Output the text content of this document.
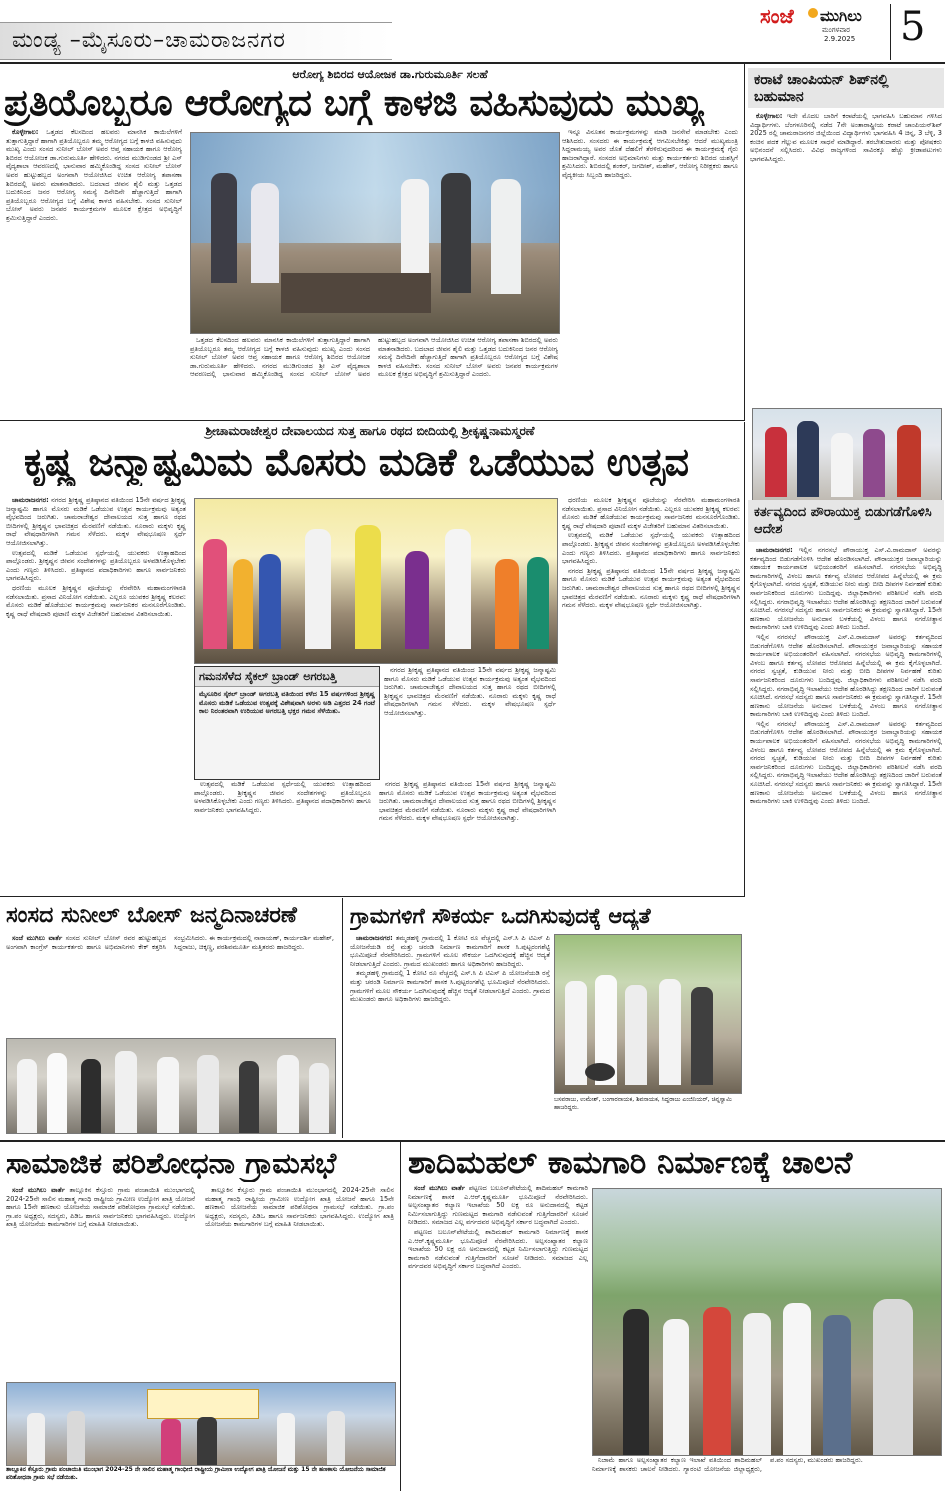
ಮಂಡ್ಯ –ಮೈಸೂರು–ಚಾಮರಾಜನಗರ
ಸಂಜೆ ಮುಗಿಲು
ಮಂಗಳವಾರ
2.9.2025 5
ಆರೋಗ್ಯ ಶಿಬಿರದ ಆಯೋಜಕ ಡಾ.ಗುರುಮೂರ್ತಿ ಸಲಹೆ
ಪ್ರತಿಯೊಬ್ಬರೂ ಆರೋಗ್ಯದ ಬಗ್ಗೆ ಕಾಳಜಿ ವಹಿಸುವುದು ಮುಖ್ಯ

ಕೊಳ್ಳೇಗಾಲ: ಒತ್ತಡದ ಕೆಲಸದಿಂದ ಹಲವರು ಮಾನಸಿಕ ಕಾಯಿಲೆಗಳಿಗೆ ತುತ್ತಾಗುತ್ತಿದ್ದಾರೆ ಹಾಗಾಗಿ ಪ್ರತಿಯೊಬ್ಬರೂ ತಮ್ಮ ಆರೋಗ್ಯದ ಬಗ್ಗೆ ಕಾಳಜಿ ವಹಿಸುವುದು ಮುಖ್ಯ ಎಂದು ಸಂಸದ ಸುನೀಲ್ ಬೋಸ್ ಅವರ ಆಪ್ತ ಸಹಾಯಕ ಹಾಗೂ ಆರೋಗ್ಯ ಶಿಬಿರದ ಆಯೋಜಕ ಡಾ.ಗುರುಮೂರ್ತಿ ಹೇಳಿದರು. ನಗರದ ಮುಡಿಗುಂಡದ ಶ್ರೀ ಎಸ್ ವೈದ್ಯಶಾಲಾ ಆವರಣದಲ್ಲಿ ಭಾನುವಾರ ಹಮ್ಮಿಕೊಂಡಿದ್ದ ಸಂಸದ ಸುನೀಲ್ ಬೋಸ್ ಅವರ ಹುಟ್ಟುಹಬ್ಬದ ಅಂಗವಾಗಿ ಆಯೋಜಿಸಿದ ಉಚಿತ ಆರೋಗ್ಯ ತಪಾಸಣಾ ಶಿಬಿರದಲ್ಲಿ ಅವರು ಮಾತನಾಡಿದರು. ಬದಲಾದ ಜೀವನ ಶೈಲಿ ಮತ್ತು ಒತ್ತಡದ ಬದುಕಿನಿಂದ ಜನರ ಆರೋಗ್ಯ ಸಮಸ್ಯೆ ದಿನೇದಿನೇ ಹೆಚ್ಚಾಗುತ್ತಿದೆ ಹಾಗಾಗಿ ಪ್ರತಿಯೊಬ್ಬರೂ ಆರೋಗ್ಯದ ಬಗ್ಗೆ ವಿಶೇಷ ಕಾಳಜಿ ವಹಿಸಬೇಕು. ಸಂಸದ ಸುನೀಲ್ ಬೋಸ್ ಅವರು ಜನಪರ ಕಾರ್ಯಕ್ರಮಗಳ ಮೂಲಕ ಕ್ಷೇತ್ರದ ಅಭಿವೃದ್ಧಿಗೆ ಶ್ರಮಿಸುತ್ತಿದ್ದಾರೆ ಎಂದರು.

ಇನ್ನೂ ವಿನೂತನ ಕಾರ್ಯಕ್ರಮಗಳನ್ನು ಮಾಡಿ ಜನಸೇವೆ ಮಾಡಬೇಕು ಎಂದು ಆಶಿಸಿದರು. ಸಂಸದರು ಈ ಕಾರ್ಯಕ್ರಮಕ್ಕೆ ಆಗಮಿಸಬೇಕಿತ್ತು ಆದರೆ ಮುಖ್ಯಮಂತ್ರಿ ಸಿದ್ದರಾಮಯ್ಯ ಅವರ ಜೊತೆ ದೆಹಲಿಗೆ ತೆರಳಿರುವುದರಿಂದ ಈ ಕಾರ್ಯಕ್ರಮಕ್ಕೆ ಗೈರು ಹಾಜರಾಗಿದ್ದಾರೆ. ಸಂಸದರ ಅಭಿಮಾನಿಗಳು ಮತ್ತು ಕಾರ್ಯಕರ್ತರು ಶಿಬಿರದ ಯಶಸ್ಸಿಗೆ ಶ್ರಮಿಸಿದರು. ಶಿಬಿರದಲ್ಲಿ ಶಂಕರ್, ಜಗದೀಶ್, ಮಹೇಶ್, ಆರೋಗ್ಯ ನಿರೀಕ್ಷಕರು ಹಾಗೂ ವೈದ್ಯಕೀಯ ಸಿಬ್ಬಂದಿ ಹಾಜರಿದ್ದರು.

ಒತ್ತಡದ ಕೆಲಸದಿಂದ ಹಲವರು ಮಾನಸಿಕ ಕಾಯಿಲೆಗಳಿಗೆ ತುತ್ತಾಗುತ್ತಿದ್ದಾರೆ ಹಾಗಾಗಿ ಪ್ರತಿಯೊಬ್ಬರೂ ತಮ್ಮ ಆರೋಗ್ಯದ ಬಗ್ಗೆ ಕಾಳಜಿ ವಹಿಸುವುದು ಮುಖ್ಯ ಎಂದು ಸಂಸದ ಸುನೀಲ್ ಬೋಸ್ ಅವರ ಆಪ್ತ ಸಹಾಯಕ ಹಾಗೂ ಆರೋಗ್ಯ ಶಿಬಿರದ ಆಯೋಜಕ ಡಾ.ಗುರುಮೂರ್ತಿ ಹೇಳಿದರು. ನಗರದ ಮುಡಿಗುಂಡದ ಶ್ರೀ ಎಸ್ ವೈದ್ಯಶಾಲಾ ಆವರಣದಲ್ಲಿ ಭಾನುವಾರ ಹಮ್ಮಿಕೊಂಡಿದ್ದ ಸಂಸದ ಸುನೀಲ್ ಬೋಸ್ ಅವರ ಹುಟ್ಟುಹಬ್ಬದ ಅಂಗವಾಗಿ ಆಯೋಜಿಸಿದ ಉಚಿತ ಆರೋಗ್ಯ ತಪಾಸಣಾ ಶಿಬಿರದಲ್ಲಿ ಅವರು ಮಾತನಾಡಿದರು. ಬದಲಾದ ಜೀವನ ಶೈಲಿ ಮತ್ತು ಒತ್ತಡದ ಬದುಕಿನಿಂದ ಜನರ ಆರೋಗ್ಯ ಸಮಸ್ಯೆ ದಿನೇದಿನೇ ಹೆಚ್ಚಾಗುತ್ತಿದೆ ಹಾಗಾಗಿ ಪ್ರತಿಯೊಬ್ಬರೂ ಆರೋಗ್ಯದ ಬಗ್ಗೆ ವಿಶೇಷ ಕಾಳಜಿ ವಹಿಸಬೇಕು. ಸಂಸದ ಸುನೀಲ್ ಬೋಸ್ ಅವರು ಜನಪರ ಕಾರ್ಯಕ್ರಮಗಳ ಮೂಲಕ ಕ್ಷೇತ್ರದ ಅಭಿವೃದ್ಧಿಗೆ ಶ್ರಮಿಸುತ್ತಿದ್ದಾರೆ ಎಂದರು.

ಕರಾಟೆ ಚಾಂಪಿಯನ್ ಶಿಪ್‌ನಲ್ಲಿ ಬಹುಮಾನ

ಕೊಳ್ಳೇಗಾಲ: ಇದೇ ಮೊದಲ ಬಾರಿಗೆ ಕರಾಟೆಯಲ್ಲಿ ಭಾಗವಹಿಸಿ ಬಹುಮಾನ ಗಳಿಸಿದ ವಿದ್ಯಾರ್ಥಿಗಳು. ಬೆಂಗಳೂರಿನಲ್ಲಿ ನಡೆದ 7ನೇ ಅಂತಾರಾಷ್ಟ್ರೀಯ ಕರಾಟೆ ಚಾಂಪಿಯನ್‌ಶಿಪ್ 2025 ರಲ್ಲಿ ಚಾಮರಾಜನಗರ ಜಿಲ್ಲೆಯಿಂದ ವಿದ್ಯಾರ್ಥಿಗಳು ಭಾಗವಹಿಸಿ 4 ಚಿನ್ನ, 3 ಬೆಳ್ಳಿ, 3 ಕಂಚಿನ ಪದಕ ಗೆಲ್ಲುವ ಮೂಲಕ ಸಾಧನೆ ಮಾಡಿದ್ದಾರೆ. ತರಬೇತುದಾರರು ಮತ್ತು ಪೋಷಕರು ಅಭಿನಂದನೆ ಸಲ್ಲಿಸಿದರು. ವಿವಿಧ ರಾಜ್ಯಗಳಿಂದ ಸಾವಿರಕ್ಕೂ ಹೆಚ್ಚು ಕ್ರೀಡಾಪಟುಗಳು ಭಾಗವಹಿಸಿದ್ದರು.

ಶ್ರೀಚಾಮರಾಜೇಶ್ವರ ದೇವಾಲಯದ ಸುತ್ತ ಹಾಗೂ ರಥದ ಬೀದಿಯಲ್ಲಿ ಶ್ರೀಕೃಷ್ಣನಾಮಸ್ಮರಣೆ
ಕೃಷ್ಣ ಜನ್ಮಾಷ್ಟಮಿಮ ಮೊಸರು ಮಡಿಕೆ ಒಡೆಯುವ ಉತ್ಸವ

ಚಾಮರಾಜನಗರ: ನಗರದ ಶ್ರೀಕೃಷ್ಣ ಪ್ರತಿಷ್ಠಾನದ ವತಿಯಿಂದ 15ನೇ ವರ್ಷದ ಶ್ರೀಕೃಷ್ಣ ಜನ್ಮಾಷ್ಟಮಿ ಹಾಗೂ ಮೊಸರು ಮಡಿಕೆ ಒಡೆಯುವ ಉತ್ಸವ ಕಾರ್ಯಕ್ರಮವು ಅತ್ಯಂತ ವೈಭವದಿಂದ ಜರುಗಿತು. ಚಾಮರಾಜೇಶ್ವರ ದೇವಾಲಯದ ಸುತ್ತ ಹಾಗೂ ರಥದ ಬೀದಿಗಳಲ್ಲಿ ಶ್ರೀಕೃಷ್ಣನ ಭಾವಚಿತ್ರದ ಮೆರವಣಿಗೆ ನಡೆಯಿತು. ನೂರಾರು ಮಕ್ಕಳು ಕೃಷ್ಣ ರಾಧೆ ವೇಷಧಾರಿಗಳಾಗಿ ಗಮನ ಸೆಳೆದರು. ಮಕ್ಕಳ ವೇಷಭೂಷಣ ಸ್ಪರ್ಧೆ ಆಯೋಜಿಸಲಾಗಿತ್ತು.

ಉತ್ಸವದಲ್ಲಿ ಮಡಿಕೆ ಒಡೆಯುವ ಸ್ಪರ್ಧೆಯಲ್ಲಿ ಯುವಕರು ಉತ್ಸಾಹದಿಂದ ಪಾಲ್ಗೊಂಡರು. ಶ್ರೀಕೃಷ್ಣನ ಜೀವನ ಸಂದೇಶಗಳನ್ನು ಪ್ರತಿಯೊಬ್ಬರೂ ಅಳವಡಿಸಿಕೊಳ್ಳಬೇಕು ಎಂದು ಗಣ್ಯರು ತಿಳಿಸಿದರು. ಪ್ರತಿಷ್ಠಾನದ ಪದಾಧಿಕಾರಿಗಳು ಹಾಗೂ ಸಾರ್ವಜನಿಕರು ಭಾಗವಹಿಸಿದ್ದರು.

ಧರಣಿಯ ಮೂಲಕ ಶ್ರೀಕೃಷ್ಣನ ಪೂಜೆಯನ್ನು ನೆರವೇರಿಸಿ ಮಹಾಮಂಗಳಾರತಿ ನಡೆಸಲಾಯಿತು. ಪ್ರಸಾದ ವಿನಿಯೋಗ ನಡೆಯಿತು. ಎಲ್ಲರೂ ಯುವಕರ ಶ್ರೀಕೃಷ್ಣ ಕಲರವ: ಮೊಸರು ಮಡಿಕೆ ಹೊಡೆಯುವ ಕಾರ್ಯಕ್ರಮವು ಸಾರ್ವಜನಿಕರ ಮನಸೂರೆಗೊಂಡಿತು. ಕೃಷ್ಣ ರಾಧೆ ವೇಷದಾರಿ ಪುಟಾಣಿ ಮಕ್ಕಳ ವಿಜೇತರಿಗೆ ಬಹುಮಾನ ವಿತರಿಸಲಾಯಿತು.

ಧರಣಿಯ ಮೂಲಕ ಶ್ರೀಕೃಷ್ಣನ ಪೂಜೆಯನ್ನು ನೆರವೇರಿಸಿ ಮಹಾಮಂಗಳಾರತಿ ನಡೆಸಲಾಯಿತು. ಪ್ರಸಾದ ವಿನಿಯೋಗ ನಡೆಯಿತು. ಎಲ್ಲರೂ ಯುವಕರ ಶ್ರೀಕೃಷ್ಣ ಕಲರವ: ಮೊಸರು ಮಡಿಕೆ ಹೊಡೆಯುವ ಕಾರ್ಯಕ್ರಮವು ಸಾರ್ವಜನಿಕರ ಮನಸೂರೆಗೊಂಡಿತು. ಕೃಷ್ಣ ರಾಧೆ ವೇಷದಾರಿ ಪುಟಾಣಿ ಮಕ್ಕಳ ವಿಜೇತರಿಗೆ ಬಹುಮಾನ ವಿತರಿಸಲಾಯಿತು.

ಉತ್ಸವದಲ್ಲಿ ಮಡಿಕೆ ಒಡೆಯುವ ಸ್ಪರ್ಧೆಯಲ್ಲಿ ಯುವಕರು ಉತ್ಸಾಹದಿಂದ ಪಾಲ್ಗೊಂಡರು. ಶ್ರೀಕೃಷ್ಣನ ಜೀವನ ಸಂದೇಶಗಳನ್ನು ಪ್ರತಿಯೊಬ್ಬರೂ ಅಳವಡಿಸಿಕೊಳ್ಳಬೇಕು ಎಂದು ಗಣ್ಯರು ತಿಳಿಸಿದರು. ಪ್ರತಿಷ್ಠಾನದ ಪದಾಧಿಕಾರಿಗಳು ಹಾಗೂ ಸಾರ್ವಜನಿಕರು ಭಾಗವಹಿಸಿದ್ದರು.

ನಗರದ ಶ್ರೀಕೃಷ್ಣ ಪ್ರತಿಷ್ಠಾನದ ವತಿಯಿಂದ 15ನೇ ವರ್ಷದ ಶ್ರೀಕೃಷ್ಣ ಜನ್ಮಾಷ್ಟಮಿ ಹಾಗೂ ಮೊಸರು ಮಡಿಕೆ ಒಡೆಯುವ ಉತ್ಸವ ಕಾರ್ಯಕ್ರಮವು ಅತ್ಯಂತ ವೈಭವದಿಂದ ಜರುಗಿತು. ಚಾಮರಾಜೇಶ್ವರ ದೇವಾಲಯದ ಸುತ್ತ ಹಾಗೂ ರಥದ ಬೀದಿಗಳಲ್ಲಿ ಶ್ರೀಕೃಷ್ಣನ ಭಾವಚಿತ್ರದ ಮೆರವಣಿಗೆ ನಡೆಯಿತು. ನೂರಾರು ಮಕ್ಕಳು ಕೃಷ್ಣ ರಾಧೆ ವೇಷಧಾರಿಗಳಾಗಿ ಗಮನ ಸೆಳೆದರು. ಮಕ್ಕಳ ವೇಷಭೂಷಣ ಸ್ಪರ್ಧೆ ಆಯೋಜಿಸಲಾಗಿತ್ತು.

ಗಮನಸೆಳೆದ ಸೈಕಲ್ ಬ್ರಾಂಡ್ ಅಗರಬತ್ತಿ
ಮೈಸೂರಿನ ಸೈಕಲ್ ಬ್ರಾಂಡ್ ಅಗರಬತ್ತಿ ವತಿಯಿಂದ ಕಳೆದ 15 ವರ್ಷಗಳಿಂದ ಶ್ರೀಕೃಷ್ಣ ಮೊಸರು ಮಡಿಕೆ ಒಡೆಯುವ ಉತ್ಸವಕ್ಕೆ ವಿಶೇಷವಾಗಿ ಅರಳು ಅಡಿ ಎತ್ತರದ 24 ಗಂಟೆ ಕಾಲ ನಿರಂತರವಾಗಿ ಉರಿಯುವ ಅಗರಬತ್ತಿ ಭಕ್ತರ ಗಮನ ಸೆಳೆಯಿತು.

ಉತ್ಸವದಲ್ಲಿ ಮಡಿಕೆ ಒಡೆಯುವ ಸ್ಪರ್ಧೆಯಲ್ಲಿ ಯುವಕರು ಉತ್ಸಾಹದಿಂದ ಪಾಲ್ಗೊಂಡರು. ಶ್ರೀಕೃಷ್ಣನ ಜೀವನ ಸಂದೇಶಗಳನ್ನು ಪ್ರತಿಯೊಬ್ಬರೂ ಅಳವಡಿಸಿಕೊಳ್ಳಬೇಕು ಎಂದು ಗಣ್ಯರು ತಿಳಿಸಿದರು. ಪ್ರತಿಷ್ಠಾನದ ಪದಾಧಿಕಾರಿಗಳು ಹಾಗೂ ಸಾರ್ವಜನಿಕರು ಭಾಗವಹಿಸಿದ್ದರು.

ನಗರದ ಶ್ರೀಕೃಷ್ಣ ಪ್ರತಿಷ್ಠಾನದ ವತಿಯಿಂದ 15ನೇ ವರ್ಷದ ಶ್ರೀಕೃಷ್ಣ ಜನ್ಮಾಷ್ಟಮಿ ಹಾಗೂ ಮೊಸರು ಮಡಿಕೆ ಒಡೆಯುವ ಉತ್ಸವ ಕಾರ್ಯಕ್ರಮವು ಅತ್ಯಂತ ವೈಭವದಿಂದ ಜರುಗಿತು. ಚಾಮರಾಜೇಶ್ವರ ದೇವಾಲಯದ ಸುತ್ತ ಹಾಗೂ ರಥದ ಬೀದಿಗಳಲ್ಲಿ ಶ್ರೀಕೃಷ್ಣನ ಭಾವಚಿತ್ರದ ಮೆರವಣಿಗೆ ನಡೆಯಿತು. ನೂರಾರು ಮಕ್ಕಳು ಕೃಷ್ಣ ರಾಧೆ ವೇಷಧಾರಿಗಳಾಗಿ ಗಮನ ಸೆಳೆದರು. ಮಕ್ಕಳ ವೇಷಭೂಷಣ ಸ್ಪರ್ಧೆ ಆಯೋಜಿಸಲಾಗಿತ್ತು.

ನಗರದ ಶ್ರೀಕೃಷ್ಣ ಪ್ರತಿಷ್ಠಾನದ ವತಿಯಿಂದ 15ನೇ ವರ್ಷದ ಶ್ರೀಕೃಷ್ಣ ಜನ್ಮಾಷ್ಟಮಿ ಹಾಗೂ ಮೊಸರು ಮಡಿಕೆ ಒಡೆಯುವ ಉತ್ಸವ ಕಾರ್ಯಕ್ರಮವು ಅತ್ಯಂತ ವೈಭವದಿಂದ ಜರುಗಿತು. ಚಾಮರಾಜೇಶ್ವರ ದೇವಾಲಯದ ಸುತ್ತ ಹಾಗೂ ರಥದ ಬೀದಿಗಳಲ್ಲಿ ಶ್ರೀಕೃಷ್ಣನ ಭಾವಚಿತ್ರದ ಮೆರವಣಿಗೆ ನಡೆಯಿತು. ನೂರಾರು ಮಕ್ಕಳು ಕೃಷ್ಣ ರಾಧೆ ವೇಷಧಾರಿಗಳಾಗಿ ಗಮನ ಸೆಳೆದರು. ಮಕ್ಕಳ ವೇಷಭೂಷಣ ಸ್ಪರ್ಧೆ ಆಯೋಜಿಸಲಾಗಿತ್ತು.

ಕರ್ತವ್ಯದಿಂದ ಪೌರಾಯುಕ್ತ ಬಿಡುಗಡೆಗೊಳಿಸಿ ಆದೇಶ

ಚಾಮರಾಜನಗರ: ಇಲ್ಲಿನ ನಗರಸಭೆ ಪೌರಾಯುಕ್ತ ಎಸ್.ವಿ.ರಾಮದಾಸ್ ಅವರನ್ನು ಕರ್ತವ್ಯದಿಂದ ಬಿಡುಗಡೆಗೊಳಿಸಿ ಆದೇಶ ಹೊರಡಿಸಲಾಗಿದೆ. ಪೌರಾಯುಕ್ತರ ಜವಾಬ್ದಾರಿಯನ್ನು ಸಹಾಯಕ ಕಾರ್ಯಪಾಲಕ ಅಭಿಯಂತರರಿಗೆ ವಹಿಸಲಾಗಿದೆ. ನಗರಸಭೆಯ ಅಭಿವೃದ್ಧಿ ಕಾಮಗಾರಿಗಳಲ್ಲಿ ವಿಳಂಬ ಹಾಗೂ ಕರ್ತವ್ಯ ಲೋಪದ ಆರೋಪದ ಹಿನ್ನೆಲೆಯಲ್ಲಿ ಈ ಕ್ರಮ ಕೈಗೊಳ್ಳಲಾಗಿದೆ. ನಗರದ ಸ್ವಚ್ಛತೆ, ಕುಡಿಯುವ ನೀರು ಮತ್ತು ಬೀದಿ ದೀಪಗಳ ನಿರ್ವಹಣೆ ಕುರಿತು ಸಾರ್ವಜನಿಕರಿಂದ ದೂರುಗಳು ಬಂದಿದ್ದವು. ಜಿಲ್ಲಾಧಿಕಾರಿಗಳು ಪರಿಶೀಲನೆ ನಡೆಸಿ ವರದಿ ಸಲ್ಲಿಸಿದ್ದರು. ನಗರಾಭಿವೃದ್ಧಿ ಇಲಾಖೆಯು ಆದೇಶ ಹೊರಡಿಸಿದ್ದು ತಕ್ಷಣದಿಂದ ಜಾರಿಗೆ ಬರುವಂತೆ ಸೂಚಿಸಿದೆ. ನಗರಸಭೆ ಸದಸ್ಯರು ಹಾಗೂ ಸಾರ್ವಜನಿಕರು ಈ ಕ್ರಮವನ್ನು ಸ್ವಾಗತಿಸಿದ್ದಾರೆ. 15ನೇ ಹಣಕಾಸು ಯೋಜನೆಯ ಅನುದಾನ ಬಳಕೆಯಲ್ಲಿ ವಿಳಂಬ ಹಾಗೂ ನಗರೋತ್ಥಾನ ಕಾಮಗಾರಿಗಳು ಬಾಕಿ ಉಳಿದಿದ್ದವು ಎಂದು ತಿಳಿದು ಬಂದಿದೆ.

ಇಲ್ಲಿನ ನಗರಸಭೆ ಪೌರಾಯುಕ್ತ ಎಸ್.ವಿ.ರಾಮದಾಸ್ ಅವರನ್ನು ಕರ್ತವ್ಯದಿಂದ ಬಿಡುಗಡೆಗೊಳಿಸಿ ಆದೇಶ ಹೊರಡಿಸಲಾಗಿದೆ. ಪೌರಾಯುಕ್ತರ ಜವಾಬ್ದಾರಿಯನ್ನು ಸಹಾಯಕ ಕಾರ್ಯಪಾಲಕ ಅಭಿಯಂತರರಿಗೆ ವಹಿಸಲಾಗಿದೆ. ನಗರಸಭೆಯ ಅಭಿವೃದ್ಧಿ ಕಾಮಗಾರಿಗಳಲ್ಲಿ ವಿಳಂಬ ಹಾಗೂ ಕರ್ತವ್ಯ ಲೋಪದ ಆರೋಪದ ಹಿನ್ನೆಲೆಯಲ್ಲಿ ಈ ಕ್ರಮ ಕೈಗೊಳ್ಳಲಾಗಿದೆ. ನಗರದ ಸ್ವಚ್ಛತೆ, ಕುಡಿಯುವ ನೀರು ಮತ್ತು ಬೀದಿ ದೀಪಗಳ ನಿರ್ವಹಣೆ ಕುರಿತು ಸಾರ್ವಜನಿಕರಿಂದ ದೂರುಗಳು ಬಂದಿದ್ದವು. ಜಿಲ್ಲಾಧಿಕಾರಿಗಳು ಪರಿಶೀಲನೆ ನಡೆಸಿ ವರದಿ ಸಲ್ಲಿಸಿದ್ದರು. ನಗರಾಭಿವೃದ್ಧಿ ಇಲಾಖೆಯು ಆದೇಶ ಹೊರಡಿಸಿದ್ದು ತಕ್ಷಣದಿಂದ ಜಾರಿಗೆ ಬರುವಂತೆ ಸೂಚಿಸಿದೆ. ನಗರಸಭೆ ಸದಸ್ಯರು ಹಾಗೂ ಸಾರ್ವಜನಿಕರು ಈ ಕ್ರಮವನ್ನು ಸ್ವಾಗತಿಸಿದ್ದಾರೆ. 15ನೇ ಹಣಕಾಸು ಯೋಜನೆಯ ಅನುದಾನ ಬಳಕೆಯಲ್ಲಿ ವಿಳಂಬ ಹಾಗೂ ನಗರೋತ್ಥಾನ ಕಾಮಗಾರಿಗಳು ಬಾಕಿ ಉಳಿದಿದ್ದವು ಎಂದು ತಿಳಿದು ಬಂದಿದೆ.

ಇಲ್ಲಿನ ನಗರಸಭೆ ಪೌರಾಯುಕ್ತ ಎಸ್.ವಿ.ರಾಮದಾಸ್ ಅವರನ್ನು ಕರ್ತವ್ಯದಿಂದ ಬಿಡುಗಡೆಗೊಳಿಸಿ ಆದೇಶ ಹೊರಡಿಸಲಾಗಿದೆ. ಪೌರಾಯುಕ್ತರ ಜವಾಬ್ದಾರಿಯನ್ನು ಸಹಾಯಕ ಕಾರ್ಯಪಾಲಕ ಅಭಿಯಂತರರಿಗೆ ವಹಿಸಲಾಗಿದೆ. ನಗರಸಭೆಯ ಅಭಿವೃದ್ಧಿ ಕಾಮಗಾರಿಗಳಲ್ಲಿ ವಿಳಂಬ ಹಾಗೂ ಕರ್ತವ್ಯ ಲೋಪದ ಆರೋಪದ ಹಿನ್ನೆಲೆಯಲ್ಲಿ ಈ ಕ್ರಮ ಕೈಗೊಳ್ಳಲಾಗಿದೆ. ನಗರದ ಸ್ವಚ್ಛತೆ, ಕುಡಿಯುವ ನೀರು ಮತ್ತು ಬೀದಿ ದೀಪಗಳ ನಿರ್ವಹಣೆ ಕುರಿತು ಸಾರ್ವಜನಿಕರಿಂದ ದೂರುಗಳು ಬಂದಿದ್ದವು. ಜಿಲ್ಲಾಧಿಕಾರಿಗಳು ಪರಿಶೀಲನೆ ನಡೆಸಿ ವರದಿ ಸಲ್ಲಿಸಿದ್ದರು. ನಗರಾಭಿವೃದ್ಧಿ ಇಲಾಖೆಯು ಆದೇಶ ಹೊರಡಿಸಿದ್ದು ತಕ್ಷಣದಿಂದ ಜಾರಿಗೆ ಬರುವಂತೆ ಸೂಚಿಸಿದೆ. ನಗರಸಭೆ ಸದಸ್ಯರು ಹಾಗೂ ಸಾರ್ವಜನಿಕರು ಈ ಕ್ರಮವನ್ನು ಸ್ವಾಗತಿಸಿದ್ದಾರೆ. 15ನೇ ಹಣಕಾಸು ಯೋಜನೆಯ ಅನುದಾನ ಬಳಕೆಯಲ್ಲಿ ವಿಳಂಬ ಹಾಗೂ ನಗರೋತ್ಥಾನ ಕಾಮಗಾರಿಗಳು ಬಾಕಿ ಉಳಿದಿದ್ದವು ಎಂದು ತಿಳಿದು ಬಂದಿದೆ.

ಸಂಸದ ಸುನೀಲ್ ಬೋಸ್ ಜನ್ಮದಿನಾಚರಣೆ

ಸಂಜೆ ಮುಗಿಲು ವಾರ್ತೆ ಸಂಸದ ಸುನೀಲ್ ಬೋಸ್ ರವರ ಹುಟ್ಟುಹಬ್ಬದ ಅಂಗವಾಗಿ ಕಾಂಗ್ರೆಸ್ ಕಾರ್ಯಕರ್ತರು ಹಾಗೂ ಅಭಿಮಾನಿಗಳು ಕೇಕ್ ಕತ್ತರಿಸಿ ಸಂಭ್ರಮಿಸಿದರು. ಈ ಕಾರ್ಯಕ್ರಮದಲ್ಲಿ ನಾರಾಯಣ್, ಕಾರ್ಯದರ್ಶಿ ಮಹೇಶ್, ಸಿದ್ದರಾಜು, ಚಿಕ್ಕಣ್ಣ, ಪರಶಿವಮೂರ್ತಿ ಮತ್ತಿತರರು ಹಾಜರಿದ್ದರು.

ಗ್ರಾಮಗಳಿಗೆ ಸೌಕರ್ಯ ಒದಗಿಸುವುದಕ್ಕೆ ಆದ್ಯತೆ

ಚಾಮರಾಜನಗರ: ತಮ್ಮಡಹಳ್ಳಿ ಗ್ರಾಮದಲ್ಲಿ 1 ಕೋಟಿ ರೂ ವೆಚ್ಚದಲ್ಲಿ ಎಸ್.ಸಿ ಪಿ ಟಿಎಸ್ ಪಿ ಯೋಜನೆಯಡಿ ರಸ್ತೆ ಮತ್ತು ಚರಂಡಿ ನಿರ್ಮಾಣ ಕಾಮಗಾರಿಗೆ ಶಾಸಕ ಸಿ.ಪುಟ್ಟರಂಗಶೆಟ್ಟಿ ಭೂಮಿಪೂಜೆ ನೆರವೇರಿಸಿದರು. ಗ್ರಾಮಗಳಿಗೆ ಮೂಲ ಸೌಕರ್ಯ ಒದಗಿಸುವುದಕ್ಕೆ ಹೆಚ್ಚಿನ ಆದ್ಯತೆ ನೀಡಲಾಗುತ್ತಿದೆ ಎಂದರು. ಗ್ರಾಮದ ಮುಖಂಡರು ಹಾಗೂ ಅಧಿಕಾರಿಗಳು ಹಾಜರಿದ್ದರು.

ತಮ್ಮಡಹಳ್ಳಿ ಗ್ರಾಮದಲ್ಲಿ 1 ಕೋಟಿ ರೂ ವೆಚ್ಚದಲ್ಲಿ ಎಸ್.ಸಿ ಪಿ ಟಿಎಸ್ ಪಿ ಯೋಜನೆಯಡಿ ರಸ್ತೆ ಮತ್ತು ಚರಂಡಿ ನಿರ್ಮಾಣ ಕಾಮಗಾರಿಗೆ ಶಾಸಕ ಸಿ.ಪುಟ್ಟರಂಗಶೆಟ್ಟಿ ಭೂಮಿಪೂಜೆ ನೆರವೇರಿಸಿದರು. ಗ್ರಾಮಗಳಿಗೆ ಮೂಲ ಸೌಕರ್ಯ ಒದಗಿಸುವುದಕ್ಕೆ ಹೆಚ್ಚಿನ ಆದ್ಯತೆ ನೀಡಲಾಗುತ್ತಿದೆ ಎಂದರು. ಗ್ರಾಮದ ಮುಖಂಡರು ಹಾಗೂ ಅಧಿಕಾರಿಗಳು ಹಾಜರಿದ್ದರು.

ಬಸವರಾಜು, ಉಮೇಶ್, ಬಂಗಾರನಾಯಕ, ಶಿವನಾಯಕ, ಸಿದ್ದರಾಜು ಎಂಜಿನಿಯರ್, ಚಿನ್ನಸ್ವಾಮಿ ಹಾಜರಿದ್ದರು.
ಸಾಮಾಜಿಕ ಪರಿಶೋಧನಾ ಗ್ರಾಮಸಭೆ

ಸಂಜೆ ಮುಗಿಲು ವಾರ್ತೆ ತಾಲ್ಲೂಕಿನ ಕೆಸ್ತೂರು ಗ್ರಾಮ ಪಂಚಾಯಿತಿ ಮುಂಭಾಗದಲ್ಲಿ 2024-25ನೇ ಸಾಲಿನ ಮಹಾತ್ಮ ಗಾಂಧಿ ರಾಷ್ಟ್ರೀಯ ಗ್ರಾಮೀಣ ಉದ್ಯೋಗ ಖಾತ್ರಿ ಯೋಜನೆ ಹಾಗೂ 15ನೇ ಹಣಕಾಸು ಯೋಜನೆಯ ಸಾಮಾಜಿಕ ಪರಿಶೋಧನಾ ಗ್ರಾಮಸಭೆ ನಡೆಯಿತು. ಗ್ರಾ.ಪಂ ಅಧ್ಯಕ್ಷರು, ಸದಸ್ಯರು, ಪಿಡಿಒ ಹಾಗೂ ಸಾರ್ವಜನಿಕರು ಭಾಗವಹಿಸಿದ್ದರು. ಉದ್ಯೋಗ ಖಾತ್ರಿ ಯೋಜನೆಯ ಕಾಮಗಾರಿಗಳ ಬಗ್ಗೆ ಮಾಹಿತಿ ನೀಡಲಾಯಿತು.

ತಾಲ್ಲೂಕಿನ ಕೆಸ್ತೂರು ಗ್ರಾಮ ಪಂಚಾಯಿತಿ ಮುಂಭಾಗದಲ್ಲಿ 2024-25ನೇ ಸಾಲಿನ ಮಹಾತ್ಮ ಗಾಂಧಿ ರಾಷ್ಟ್ರೀಯ ಗ್ರಾಮೀಣ ಉದ್ಯೋಗ ಖಾತ್ರಿ ಯೋಜನೆ ಹಾಗೂ 15ನೇ ಹಣಕಾಸು ಯೋಜನೆಯ ಸಾಮಾಜಿಕ ಪರಿಶೋಧನಾ ಗ್ರಾಮಸಭೆ ನಡೆಯಿತು. ಗ್ರಾ.ಪಂ ಅಧ್ಯಕ್ಷರು, ಸದಸ್ಯರು, ಪಿಡಿಒ ಹಾಗೂ ಸಾರ್ವಜನಿಕರು ಭಾಗವಹಿಸಿದ್ದರು. ಉದ್ಯೋಗ ಖಾತ್ರಿ ಯೋಜನೆಯ ಕಾಮಗಾರಿಗಳ ಬಗ್ಗೆ ಮಾಹಿತಿ ನೀಡಲಾಯಿತು.

ತಾಲ್ಲೂಕಿನ ಕೆಸ್ತೂರು ಗ್ರಾಮ ಪಂಚಾಯಿತಿ ಮುಂಭಾಗ 2024-25 ನೇ ಸಾಲಿನ ಮಹಾತ್ಮ ಗಾಂಧೀಜಿ ರಾಷ್ಟ್ರೀಯ ಗ್ರಾಮೀಣ ಉದ್ಯೋಗ ಖಾತ್ರಿ ಯೋಜನೆ ಮತ್ತು 15 ನೇ ಹಣಕಾಸು ಯೋಜನೆಯ ಸಾಮಾಜಿಕ ಪರಿಶೋಧನಾ ಗ್ರಾಮ ಸಭೆ ನಡೆಯಿತು.
ಶಾದಿಮಹಲ್ ಕಾಮಗಾರಿ ನಿರ್ಮಾಣಕ್ಕೆ ಚಾಲನೆ

ಸಂಜೆ ಮುಗಿಲು ವಾರ್ತೆ ಪಟ್ಟಣದ ಬಲೂನ್‌ಪೇಟೆಯಲ್ಲಿ ಶಾದಿಮಹಲ್ ಕಾಮಗಾರಿ ನಿರ್ಮಾಣಕ್ಕೆ ಶಾಸಕ ಎ.ಆರ್.ಕೃಷ್ಣಮೂರ್ತಿ ಭೂಮಿಪೂಜೆ ನೆರವೇರಿಸಿದರು. ಅಲ್ಪಸಂಖ್ಯಾತರ ಕಲ್ಯಾಣ ಇಲಾಖೆಯ 50 ಲಕ್ಷ ರೂ ಅನುದಾನದಲ್ಲಿ ಕಟ್ಟಡ ನಿರ್ಮಿಸಲಾಗುತ್ತಿದ್ದು ಗುಣಮಟ್ಟದ ಕಾಮಗಾರಿ ನಡೆಸುವಂತೆ ಗುತ್ತಿಗೆದಾರರಿಗೆ ಸೂಚನೆ ನೀಡಿದರು. ಸಮಾಜದ ಎಲ್ಲ ವರ್ಗದವರ ಅಭಿವೃದ್ಧಿಗೆ ಸರ್ಕಾರ ಬದ್ಧವಾಗಿದೆ ಎಂದರು.

ಪಟ್ಟಣದ ಬಲೂನ್‌ಪೇಟೆಯಲ್ಲಿ ಶಾದಿಮಹಲ್ ಕಾಮಗಾರಿ ನಿರ್ಮಾಣಕ್ಕೆ ಶಾಸಕ ಎ.ಆರ್.ಕೃಷ್ಣಮೂರ್ತಿ ಭೂಮಿಪೂಜೆ ನೆರವೇರಿಸಿದರು. ಅಲ್ಪಸಂಖ್ಯಾತರ ಕಲ್ಯಾಣ ಇಲಾಖೆಯ 50 ಲಕ್ಷ ರೂ ಅನುದಾನದಲ್ಲಿ ಕಟ್ಟಡ ನಿರ್ಮಿಸಲಾಗುತ್ತಿದ್ದು ಗುಣಮಟ್ಟದ ಕಾಮಗಾರಿ ನಡೆಸುವಂತೆ ಗುತ್ತಿಗೆದಾರರಿಗೆ ಸೂಚನೆ ನೀಡಿದರು. ಸಮಾಜದ ಎಲ್ಲ ವರ್ಗದವರ ಅಭಿವೃದ್ಧಿಗೆ ಸರ್ಕಾರ ಬದ್ಧವಾಗಿದೆ ಎಂದರು.

ನಿಜಾಮೆ ಹಾಗೂ ಅಲ್ಪಸಂಖ್ಯಾತರ ಕಲ್ಯಾಣ ಇಲಾಖೆ ವತಿಯಿಂದ ಶಾದಿಮಹಲ್ ನಿರ್ಮಾಣಕ್ಕೆ ಶಾಸಕರು ಚಾಲನೆ ನೀಡಿದರು. ಗ್ಯಾರಂಟಿ ಯೋಜನೆಯ ಜಿಲ್ಲಾಧ್ಯಕ್ಷರು, ಪ.ಪಂ ಸದಸ್ಯರು, ಮುಖಂಡರು ಹಾಜರಿದ್ದರು.
